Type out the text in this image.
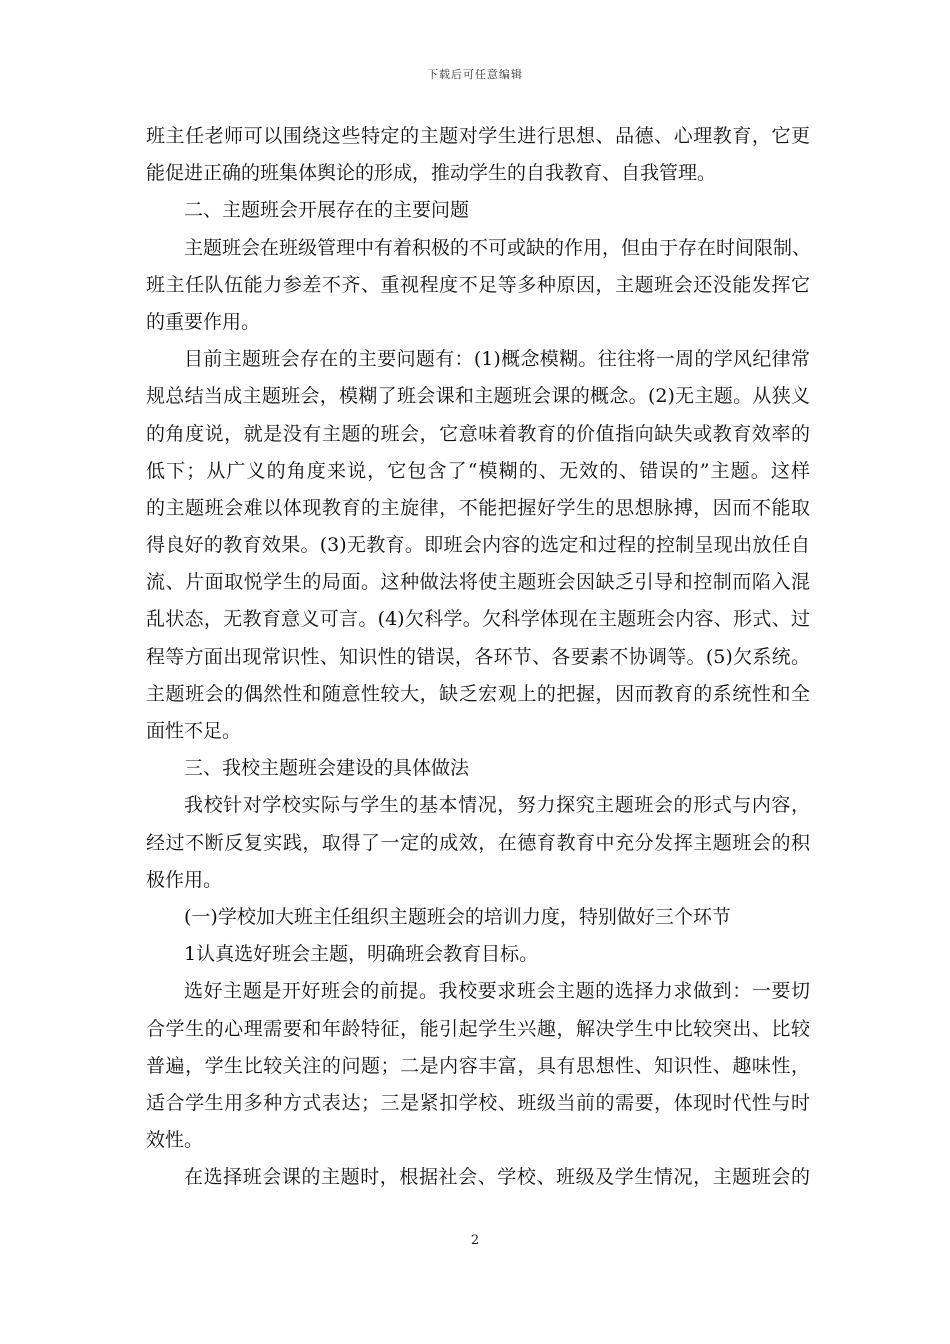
下载后可任意编辑
班主任老师可以围绕这些特定的主题对学生进行思想、品德、心理教育，它更
能促进正确的班集体舆论的形成，推动学生的自我教育、自我管理。
二、主题班会开展存在的主要问题
主题班会在班级管理中有着积极的不可或缺的作用，但由于存在时间限制、
班主任队伍能力参差不齐、重视程度不足等多种原因，主题班会还没能发挥它
的重要作用。
目前主题班会存在的主要问题有：(1)概念模糊。往往将一周的学风纪律常
规总结当成主题班会，模糊了班会课和主题班会课的概念。(2)无主题。从狭义
的角度说，就是没有主题的班会，它意味着教育的价值指向缺失或教育效率的
低下；从广义的角度来说，它包含了“模糊的、无效的、错误的”主题。这样
的主题班会难以体现教育的主旋律，不能把握好学生的思想脉搏，因而不能取
得良好的教育效果。(3)无教育。即班会内容的选定和过程的控制呈现出放任自
流、片面取悦学生的局面。这种做法将使主题班会因缺乏引导和控制而陷入混
乱状态，无教育意义可言。(4)欠科学。欠科学体现在主题班会内容、形式、过
程等方面出现常识性、知识性的错误，各环节、各要素不协调等。(5)欠系统。
主题班会的偶然性和随意性较大，缺乏宏观上的把握，因而教育的系统性和全
面性不足。
三、我校主题班会建设的具体做法
我校针对学校实际与学生的基本情况，努力探究主题班会的形式与内容，
经过不断反复实践，取得了一定的成效，在德育教育中充分发挥主题班会的积
极作用。
(一)学校加大班主任组织主题班会的培训力度，特别做好三个环节
1认真选好班会主题，明确班会教育目标。
选好主题是开好班会的前提。我校要求班会主题的选择力求做到：一要切
合学生的心理需要和年龄特征，能引起学生兴趣，解决学生中比较突出、比较
普遍，学生比较关注的问题；二是内容丰富，具有思想性、知识性、趣味性，
适合学生用多种方式表达；三是紧扣学校、班级当前的需要，体现时代性与时
效性。
在选择班会课的主题时，根据社会、学校、班级及学生情况，主题班会的
2
